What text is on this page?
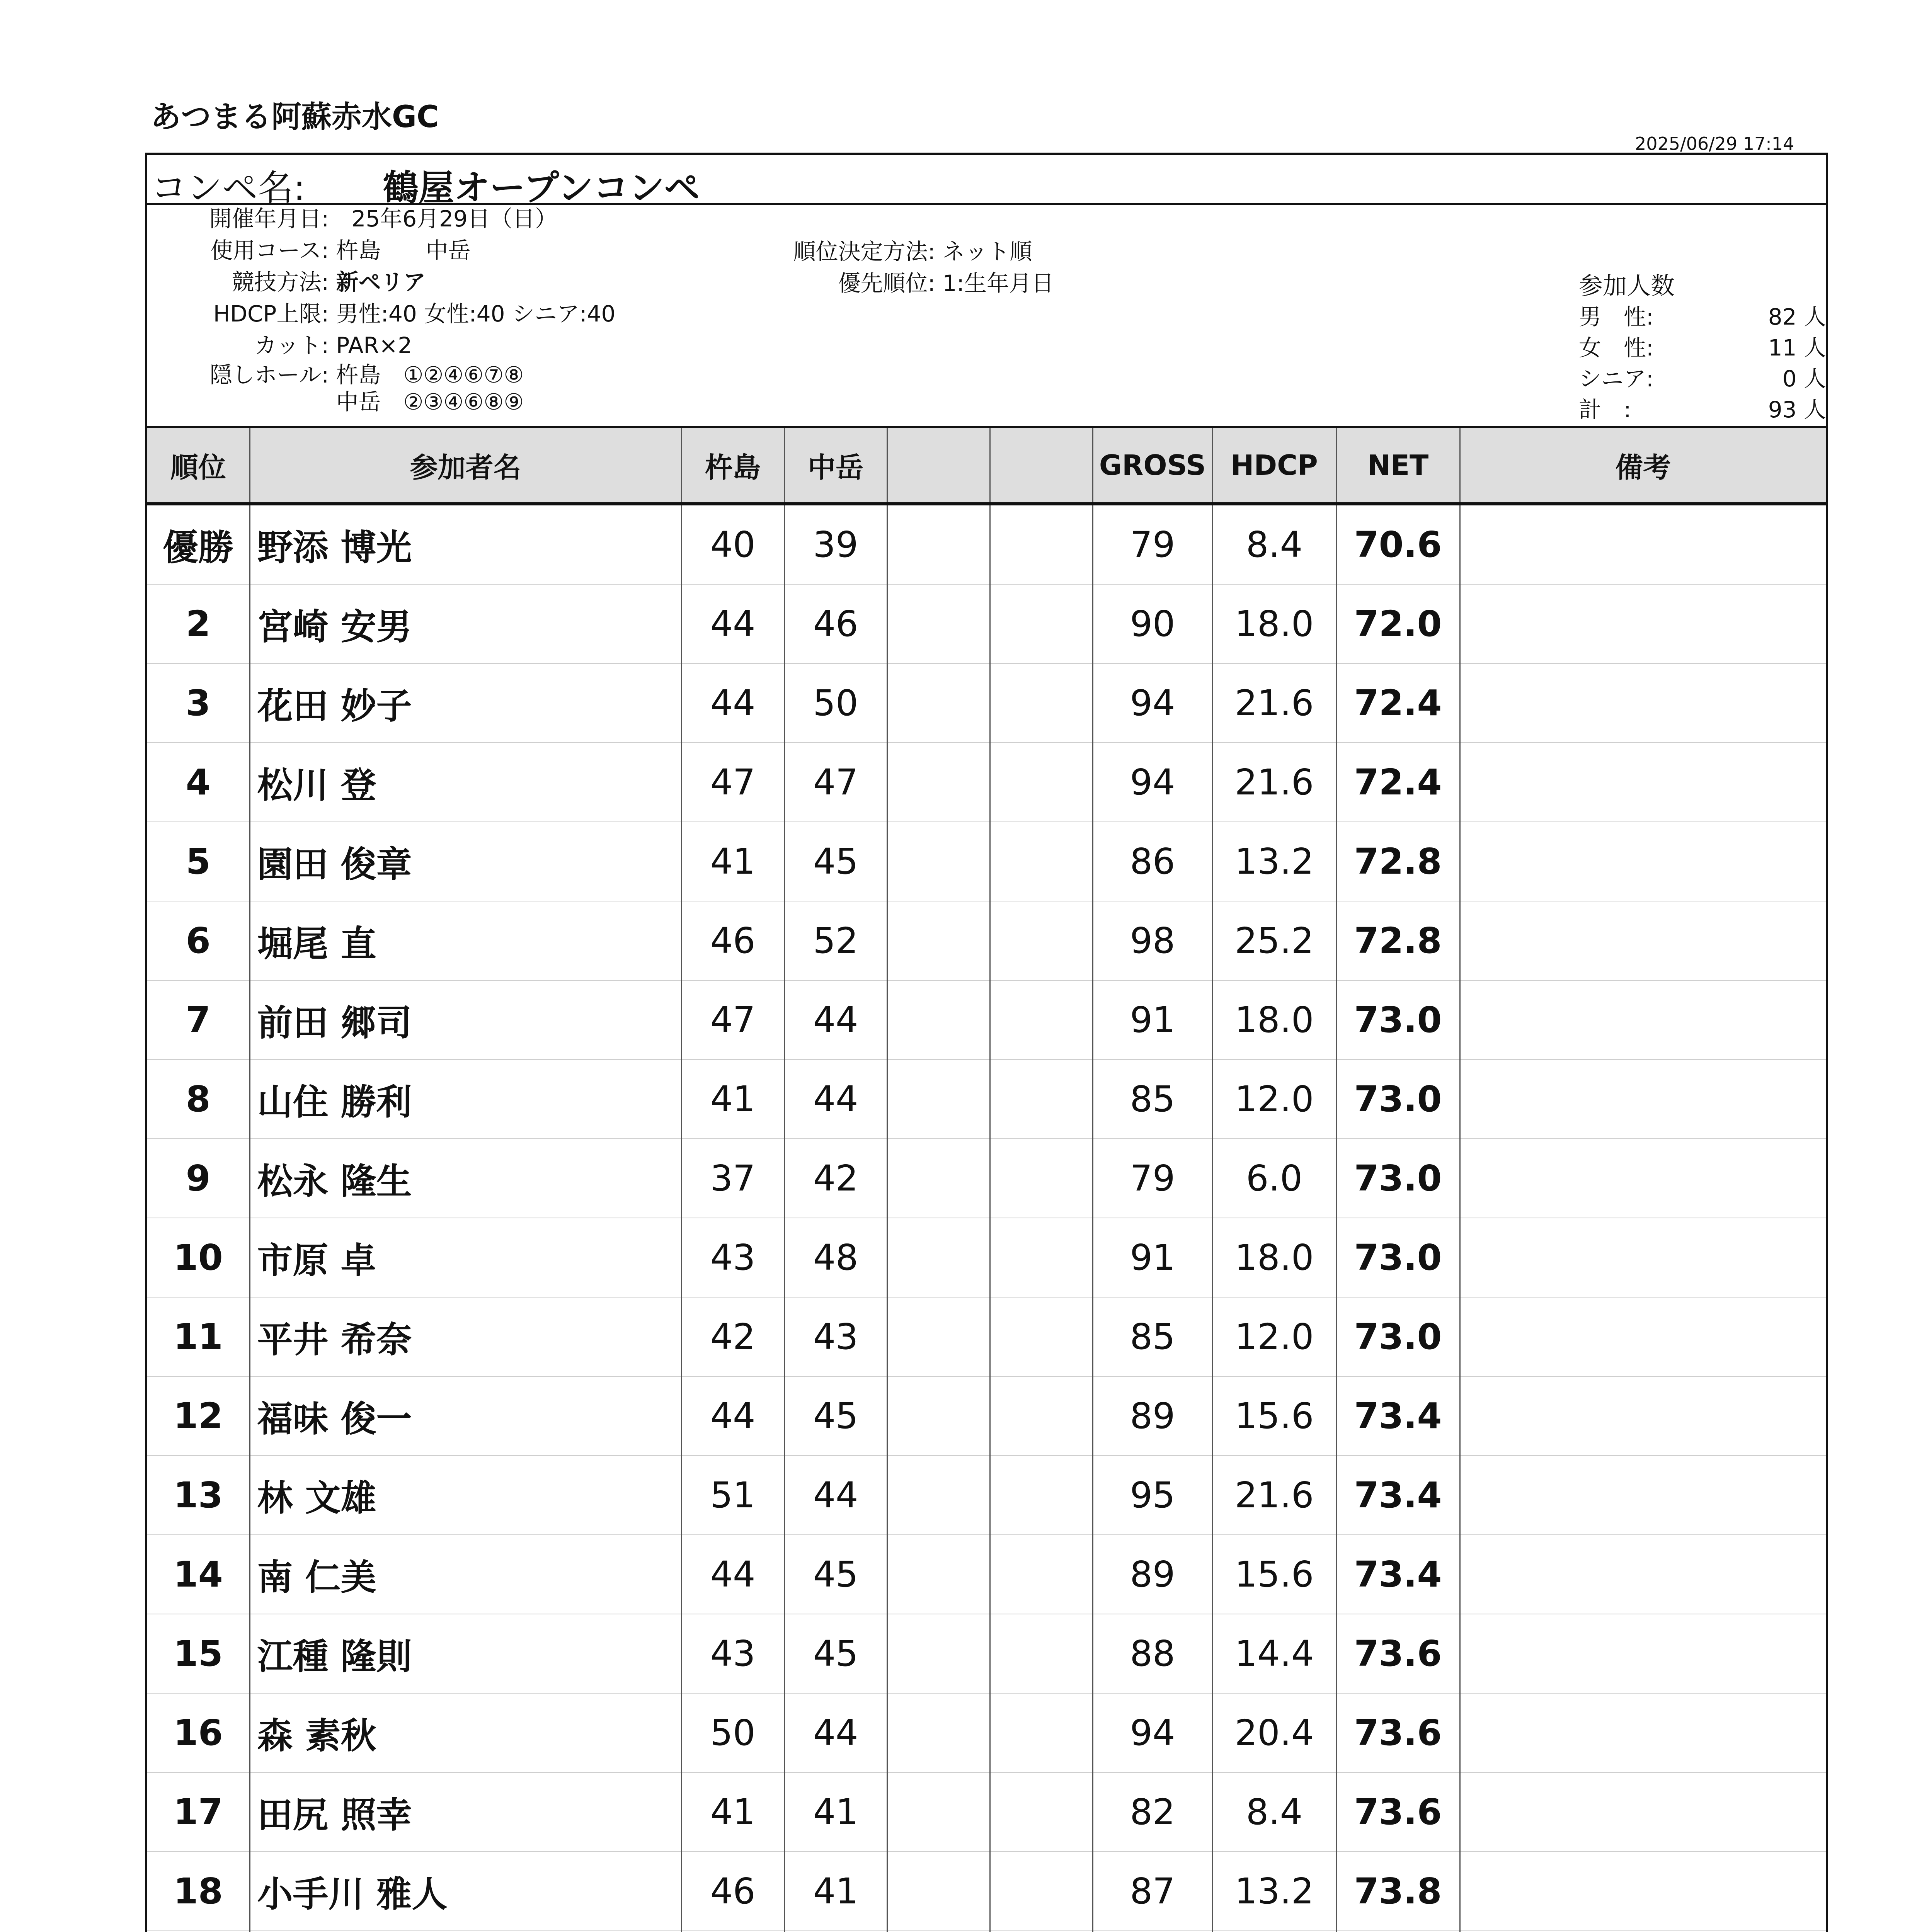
あつまる阿蘇赤水GC
2025/06/29 17:14
コンペ名: 鶴屋オープンコンペ
開催年月日: 25年6月29日（日）
使用コース: 杵島　　中岳
競技方法: 新ペリア
HDCP上限: 男性:40 女性:40 シニア:40
カット: PAR×2
隠しホール: 杵島　①②④⑥⑦⑧
中岳　②③④⑥⑧⑨
順位決定方法: ネット順
優先順位: 1:生年月日	参加人数
男　性:	82 人
女　性:	11 人
シニア:	0 人
計　:	93 人
順位	参加者名	杵島	中岳			GROSS	HDCP	NET	備考
優勝	野添 博光	40	39			79	8.4	70.6	
2	宮崎 安男	44	46			90	18.0	72.0	
3	花田 妙子	44	50			94	21.6	72.4	
4	松川 登	47	47			94	21.6	72.4	
5	園田 俊章	41	45			86	13.2	72.8	
6	堀尾 直	46	52			98	25.2	72.8	
7	前田 郷司	47	44			91	18.0	73.0	
8	山住 勝利	41	44			85	12.0	73.0	
9	松永 隆生	37	42			79	6.0	73.0	
10	市原 卓	43	48			91	18.0	73.0	
11	平井 希奈	42	43			85	12.0	73.0	
12	福味 俊一	44	45			89	15.6	73.4	
13	林 文雄	51	44			95	21.6	73.4	
14	南 仁美	44	45			89	15.6	73.4	
15	江種 隆則	43	45			88	14.4	73.6	
16	森 素秋	50	44			94	20.4	73.6	
17	田尻 照幸	41	41			82	8.4	73.6	
18	小手川 雅人	46	41			87	13.2	73.8	
